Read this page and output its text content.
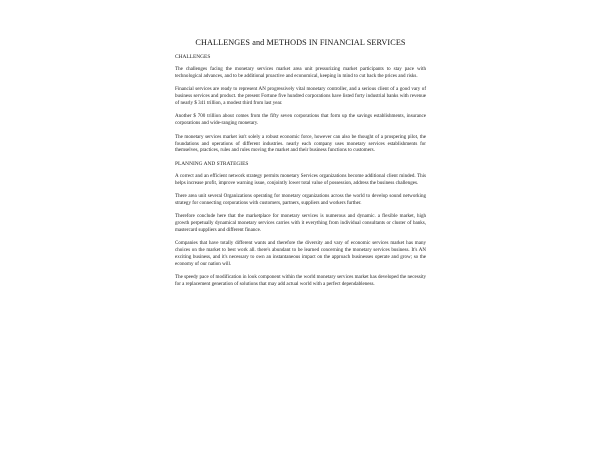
CHALLENGES and METHODS IN FINANCIAL SERVICES
CHALLENGES

The challenges facing the monetary services market area unit pressurizing market participants to stay pace with technological advances, and to be additional proactive and economical, keeping in mind to cut back the prices and risks.

Financial services are ready to represent AN progressively vital monetary controller, and a serious client of a good vary of business services and product. the present Fortune five hundred corporations have listed forty industrial banks with revenue of nearly $ 341 trillion, a modest third from last year.

Another $ 700 trillion about comes from the fifty seven corporations that form up the savings establishments, insurance corporations and wide-ranging monetary.

The monetary services market isn't solely a robust economic force, however can also be thought of a prospering pilot, the foundations and operations of different industries. nearly each company uses monetary services establishments for themselves, practices, rules and rules moving the market and their business functions to customers.

PLANNING AND STRATEGIES

A correct and an efficient network strategy permits monetary Services organizations become additional client minded. This helps increase profit, improve warning issue, conjointly lower total value of possession, address the business challenges.

There area unit several Organizations operating for monetary organizations across the world to develop sound networking strategy for connecting corporations with customers, partners, suppliers and workers further.

Therefore conclude here that the marketplace for monetary services is numerous and dynamic. a flexible market, high growth perpetually dynamical monetary services carries with it everything from individual consultants or cluster of banks, mastercard suppliers and different finance.

Companies that have totally different wants and therefore the diversity and vary of economic services market has many choices on the market to best work all. there's abundant to be learned concerning the monetary services business. It's AN exciting business, and it's necessary to own an instantaneous impact on the approach businesses operate and grow; so the economy of our nation will.

The speedy pace of modification in look component within the world monetary services market has developed the necessity for a replacement generation of solutions that may add actual world with a perfect dependableness.
